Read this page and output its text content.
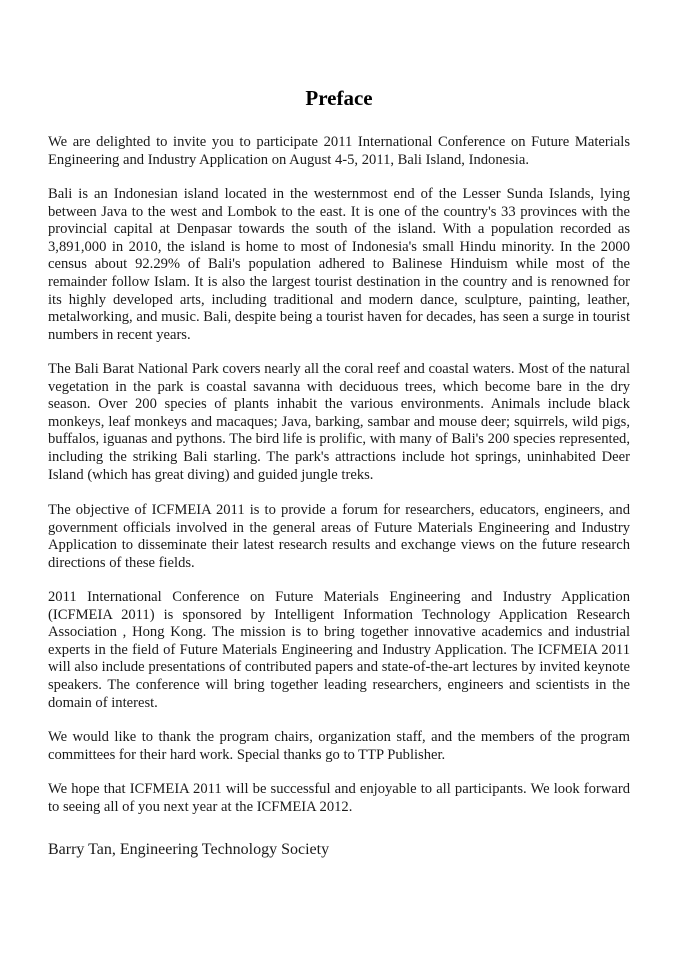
Preface

We are delighted to invite you to participate 2011 International Conference on Future Materials Engineering and Industry Application on August 4-5, 2011, Bali Island, Indonesia.

Bali is an Indonesian island located in the westernmost end of the Lesser Sunda Islands, lying between Java to the west and Lombok to the east. It is one of the country's 33 provinces with the provincial capital at Denpasar towards the south of the island. With a population recorded as 3,891,000 in 2010, the island is home to most of Indonesia's small Hindu minority. In the 2000 census about 92.29% of Bali's population adhered to Balinese Hinduism while most of the remainder follow Islam. It is also the largest tourist destination in the country and is renowned for its highly developed arts, including traditional and modern dance, sculpture, painting, leather, metalworking, and music. Bali, despite being a tourist haven for decades, has seen a surge in tourist numbers in recent years.

The Bali Barat National Park covers nearly all the coral reef and coastal waters. Most of the natural vegetation in the park is coastal savanna with deciduous trees, which become bare in the dry season. Over 200 species of plants inhabit the various environments. Animals include black monkeys, leaf monkeys and macaques; Java, barking, sambar and mouse deer; squirrels, wild pigs, buffalos, iguanas and pythons. The bird life is prolific, with many of Bali's 200 species represented, including the striking Bali starling. The park's attractions include hot springs, uninhabited Deer Island (which has great diving) and guided jungle treks.

The objective of ICFMEIA 2011 is to provide a forum for researchers, educators, engineers, and government officials involved in the general areas of Future Materials Engineering and Industry Application to disseminate their latest research results and exchange views on the future research directions of these fields.

2011 International Conference on Future Materials Engineering and Industry Application (ICFMEIA 2011) is sponsored by Intelligent Information Technology Application Research Association , Hong Kong. The mission is to bring together innovative academics and industrial experts in the field of Future Materials Engineering and Industry Application. The ICFMEIA 2011 will also include presentations of contributed papers and state-of-the-art lectures by invited keynote speakers. The conference will bring together leading researchers, engineers and scientists in the domain of interest.

We would like to thank the program chairs, organization staff, and the members of the program committees for their hard work. Special thanks go to TTP Publisher.

We hope that ICFMEIA 2011 will be successful and enjoyable to all participants. We look forward to seeing all of you next year at the ICFMEIA 2012.

Barry Tan, Engineering Technology Society
